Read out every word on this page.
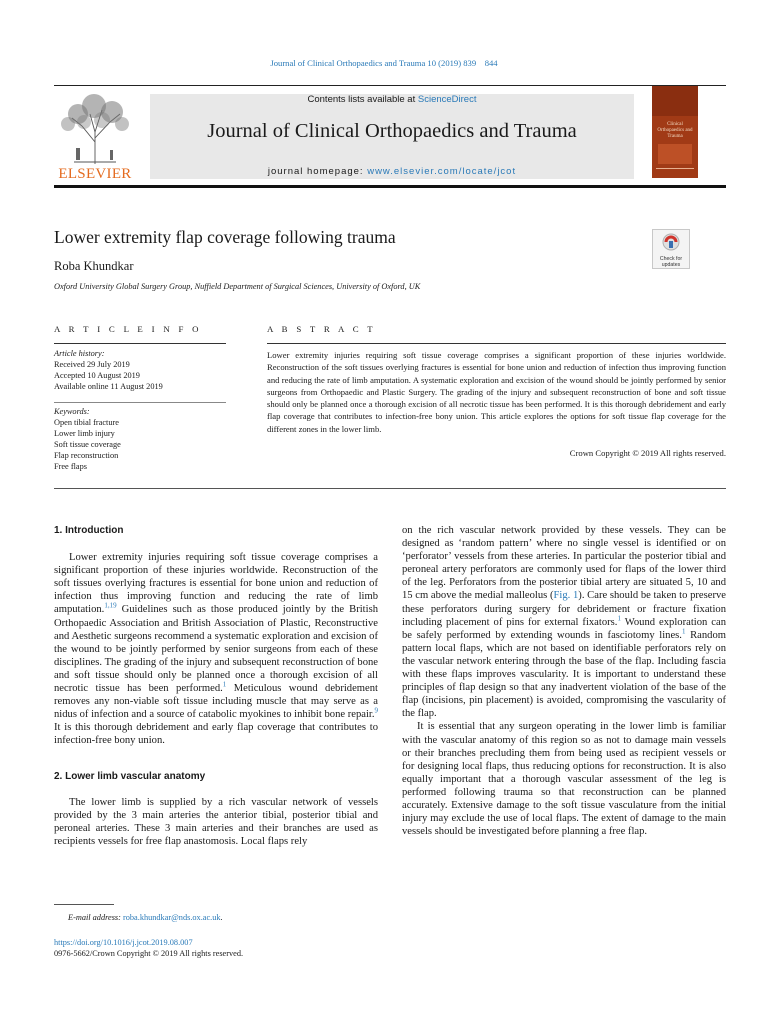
Journal of Clinical Orthopaedics and Trauma 10 (2019) 839 844
ELSEVIER
Contents lists available at ScienceDirect
Journal of Clinical Orthopaedics and Trauma
journal homepage: www.elsevier.com/locate/jcot
Clinical Orthopaedics and Trauma
Lower extremity flap coverage following trauma
Check for updates
Roba Khundkar
Oxford University Global Surgery Group, Nuffield Department of Surgical Sciences, University of Oxford, UK
A R T I C L E I N F O
Article history:
Received 29 July 2019
Accepted 10 August 2019
Available online 11 August 2019
Keywords:
Open tibial fracture
Lower limb injury
Soft tissue coverage
Flap reconstruction
Free flaps
A B S T R A C T
Lower extremity injuries requiring soft tissue coverage comprises a significant proportion of these injuries worldwide. Reconstruction of the soft tissues overlying fractures is essential for bone union and reduction of infection thus improving function and reducing the rate of limb amputation. A systematic exploration and excision of the wound should be jointly performed by senior surgeons from Orthopaedic and Plastic Surgery. The grading of the injury and subsequent reconstruction of bone and soft tissue should only be planned once a thorough excision of all necrotic tissue has been performed. It is this thorough debridement and early flap coverage that contributes to infection-free bony union. This article explores the options for soft tissue flap coverage for the different zones in the lower limb.
Crown Copyright © 2019 All rights reserved.
1. Introduction

Lower extremity injuries requiring soft tissue coverage comprises a significant proportion of these injuries worldwide. Reconstruction of the soft tissues overlying fractures is essential for bone union and reduction of infection thus improving function and reducing the rate of limb amputation.$^{1,19}$ Guidelines such as those produced jointly by the British Orthopaedic Association and British Association of Plastic, Reconstructive and Aesthetic surgeons recommend a systematic exploration and excision of the wound to be jointly performed by senior surgeons from each of these disciplines. The grading of the injury and subsequent reconstruction of bone and soft tissue should only be planned once a thorough excision of all necrotic tissue has been performed.$^1$ Meticulous wound debridement removes any non-viable soft tissue including muscle that may serve as a nidus of infection and a source of catabolic myokines to inhibit bone repair.$^9$ It is this thorough debridement and early flap coverage that contributes to infection-free bony union.

2. Lower limb vascular anatomy

The lower limb is supplied by a rich vascular network of vessels provided by the 3 main arteries the anterior tibial, posterior tibial and peroneal arteries. These 3 main arteries and their branches are used as recipients vessels for free flap anastomosis. Local flaps rely

on the rich vascular network provided by these vessels. They can be designed as ‘random pattern’ where no single vessel is identified or on ‘perforator’ vessels from these arteries. In particular the posterior tibial and peroneal artery perforators are commonly used for flaps of the lower third of the leg. Perforators from the posterior tibial artery are situated 5, 10 and 15 cm above the medial malleolus (Fig. 1). Care should be taken to preserve these perforators during surgery for debridement or fracture fixation including placement of pins for external fixators.$^1$ Wound exploration can be safely performed by extending wounds in fasciotomy lines.$^1$ Random pattern local flaps, which are not based on identifiable perforators rely on the vascular network entering through the base of the flap. Including fascia with these flaps improves vascularity. It is important to understand these principles of flap design so that any inadvertent violation of the base of the flap (incisions, pin placement) is avoided, compromising the vascularity of the flap.

It is essential that any surgeon operating in the lower limb is familiar with the vascular anatomy of this region so as not to damage main vessels or their branches precluding them from being used as recipient vessels or for designing local flaps, thus reducing options for reconstruction. It is also equally important that a thorough vascular assessment of the leg is performed following trauma so that reconstruction can be planned accurately. Extensive damage to the soft tissue vasculature from the initial injury may exclude the use of local flaps. The extent of damage to the main vessels should be investigated before planning a free flap.

E-mail address: roba.khundkar@nds.ox.ac.uk.
https://doi.org/10.1016/j.jcot.2019.08.007
0976-5662/Crown Copyright © 2019 All rights reserved.
